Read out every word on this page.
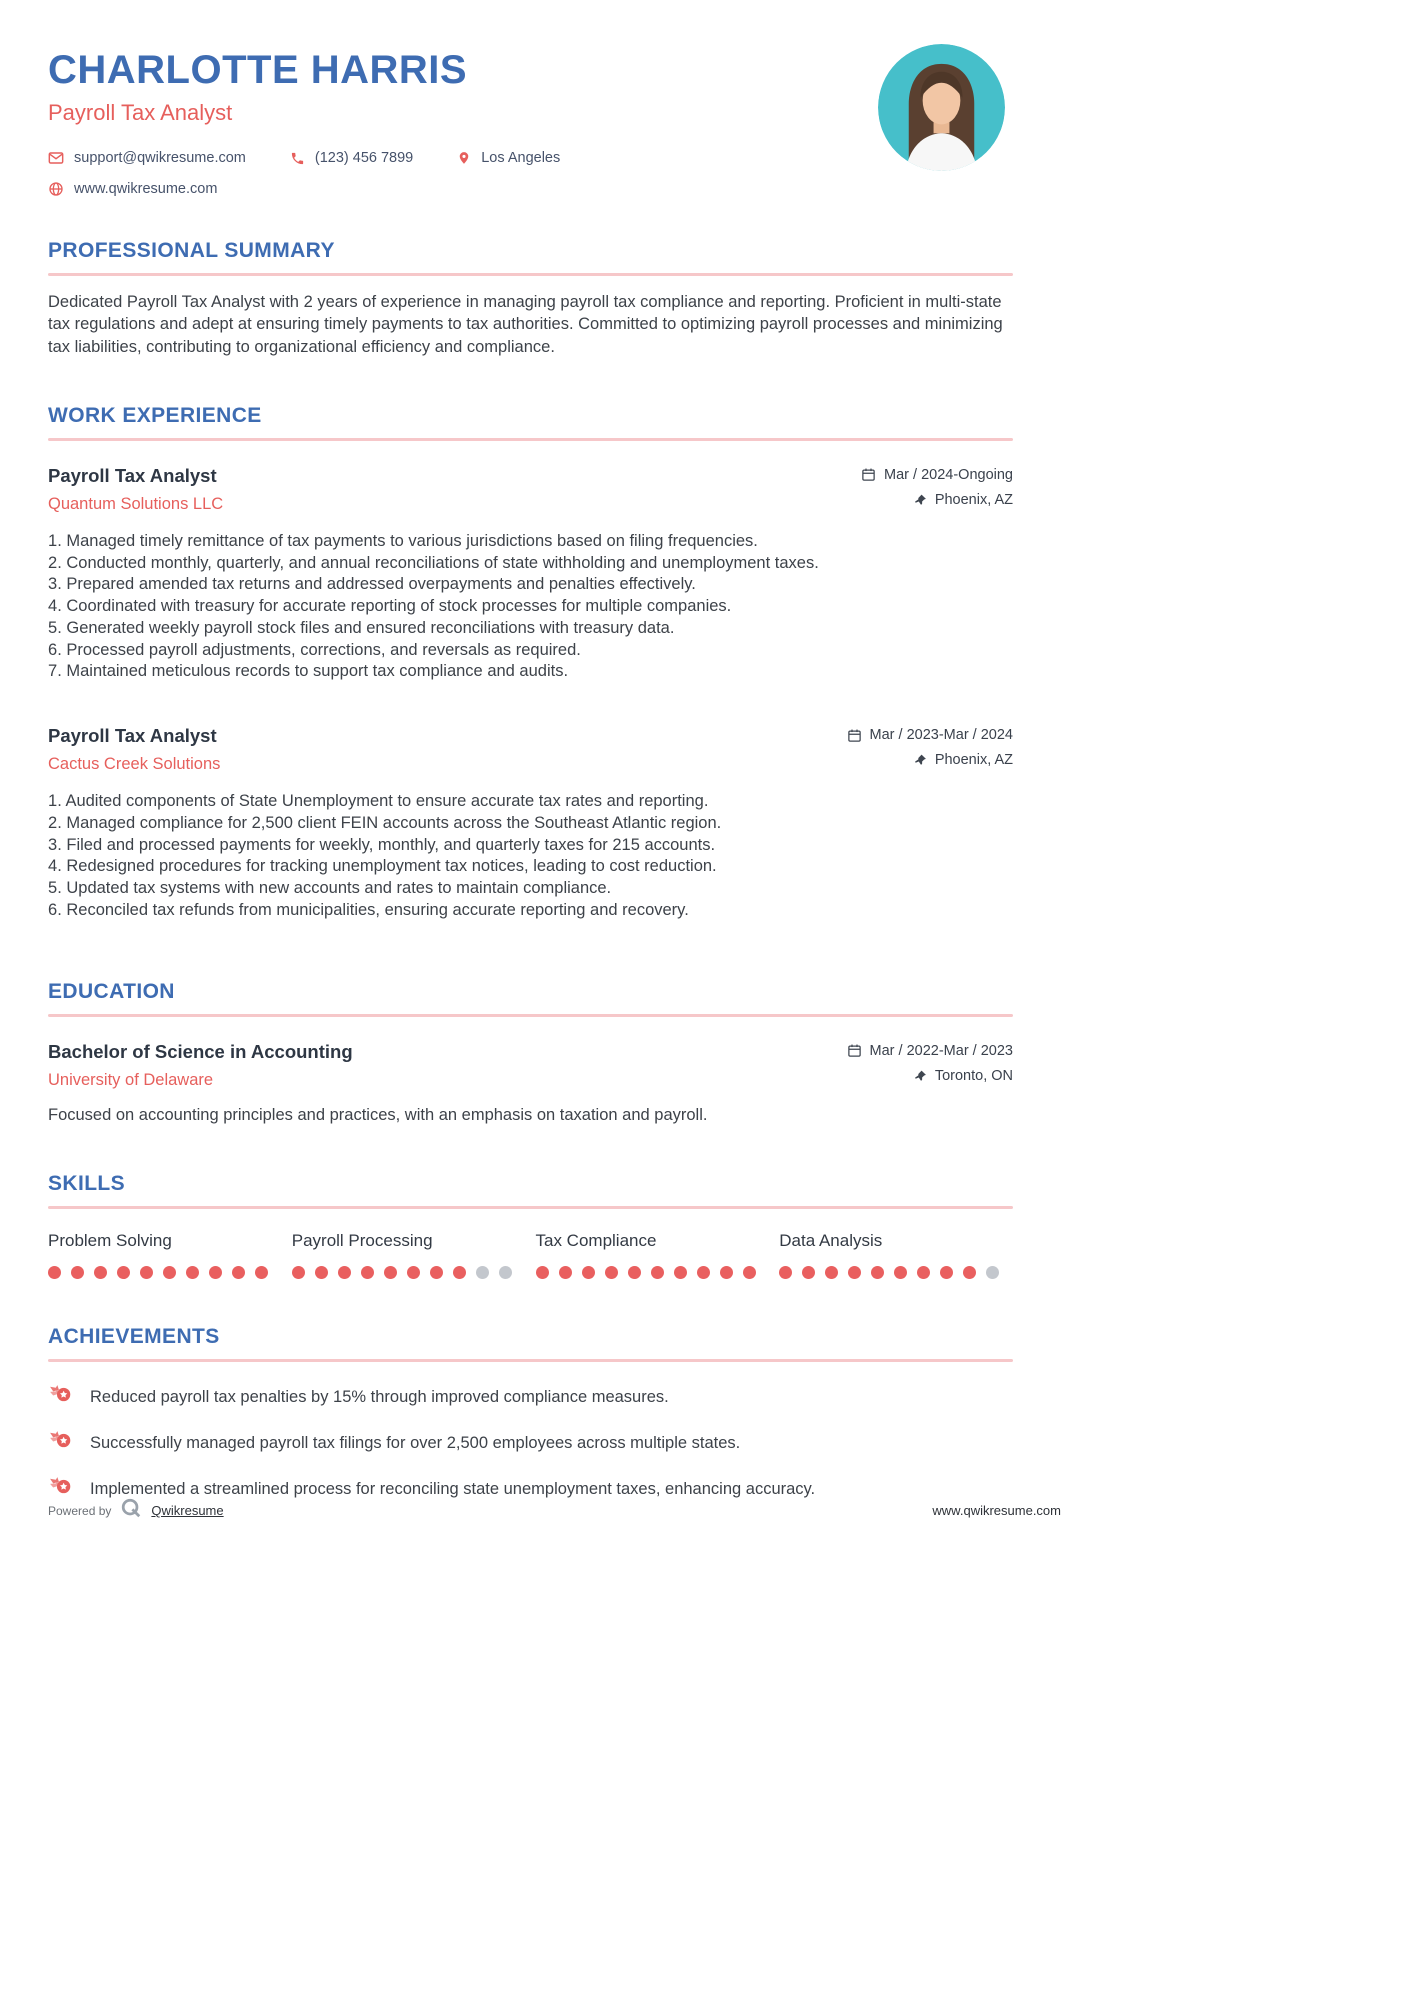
CHARLOTTE HARRIS

Payroll Tax Analyst

support@qwikresume.com	(123) 456 7899	Los Angeles
www.qwikresume.com
PROFESSIONAL SUMMARY

Dedicated Payroll Tax Analyst with 2 years of experience in managing payroll tax compliance and reporting. Proficient in multi-state tax regulations and adept at ensuring timely payments to tax authorities. Committed to optimizing payroll processes and minimizing tax liabilities, contributing to organizational efficiency and compliance.

WORK EXPERIENCE
Payroll Tax Analyst

Quantum Solutions LLC

Mar / 2024-Ongoing
Phoenix, AZ
Managed timely remittance of tax payments to various jurisdictions based on filing frequencies.
Conducted monthly, quarterly, and annual reconciliations of state withholding and unemployment taxes.
Prepared amended tax returns and addressed overpayments and penalties effectively.
Coordinated with treasury for accurate reporting of stock processes for multiple companies.
Generated weekly payroll stock files and ensured reconciliations with treasury data.
Processed payroll adjustments, corrections, and reversals as required.
Maintained meticulous records to support tax compliance and audits.
Payroll Tax Analyst

Cactus Creek Solutions

Mar / 2023-Mar / 2024
Phoenix, AZ
Audited components of State Unemployment to ensure accurate tax rates and reporting.
Managed compliance for 2,500 client FEIN accounts across the Southeast Atlantic region.
Filed and processed payments for weekly, monthly, and quarterly taxes for 215 accounts.
Redesigned procedures for tracking unemployment tax notices, leading to cost reduction.
Updated tax systems with new accounts and rates to maintain compliance.
Reconciled tax refunds from municipalities, ensuring accurate reporting and recovery.
EDUCATION
Bachelor of Science in Accounting

University of Delaware

Mar / 2022-Mar / 2023
Toronto, ON

Focused on accounting principles and practices, with an emphasis on taxation and payroll.

SKILLS
Problem Solving	Payroll Processing	Tax Compliance	Data Analysis
ACHIEVEMENTS
Reduced payroll tax penalties by 15% through improved compliance measures.
Successfully managed payroll tax filings for over 2,500 employees across multiple states.
Implemented a streamlined process for reconciling state unemployment taxes, enhancing accuracy.
Powered by	Qwikresume	www.qwikresume.com
